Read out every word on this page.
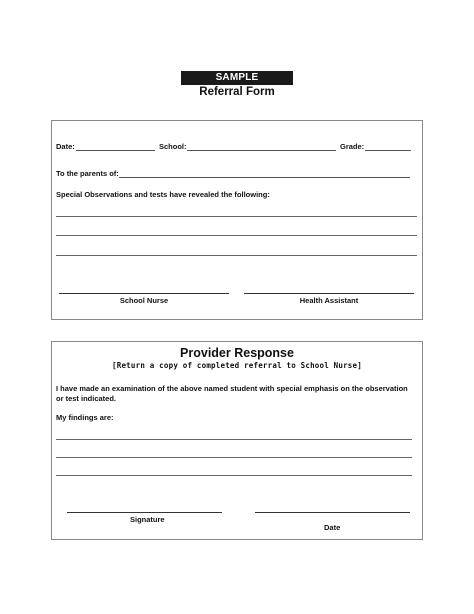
SAMPLE
Referral Form
Date:	School:	Grade:
To the parents of:
Special Observations and tests have revealed the following:
School Nurse	Health Assistant
Provider Response
[Return a copy of completed referral to School Nurse]
I have made an examination of the above named student with special emphasis on the observation or test indicated.
My findings are:
Signature
Date
